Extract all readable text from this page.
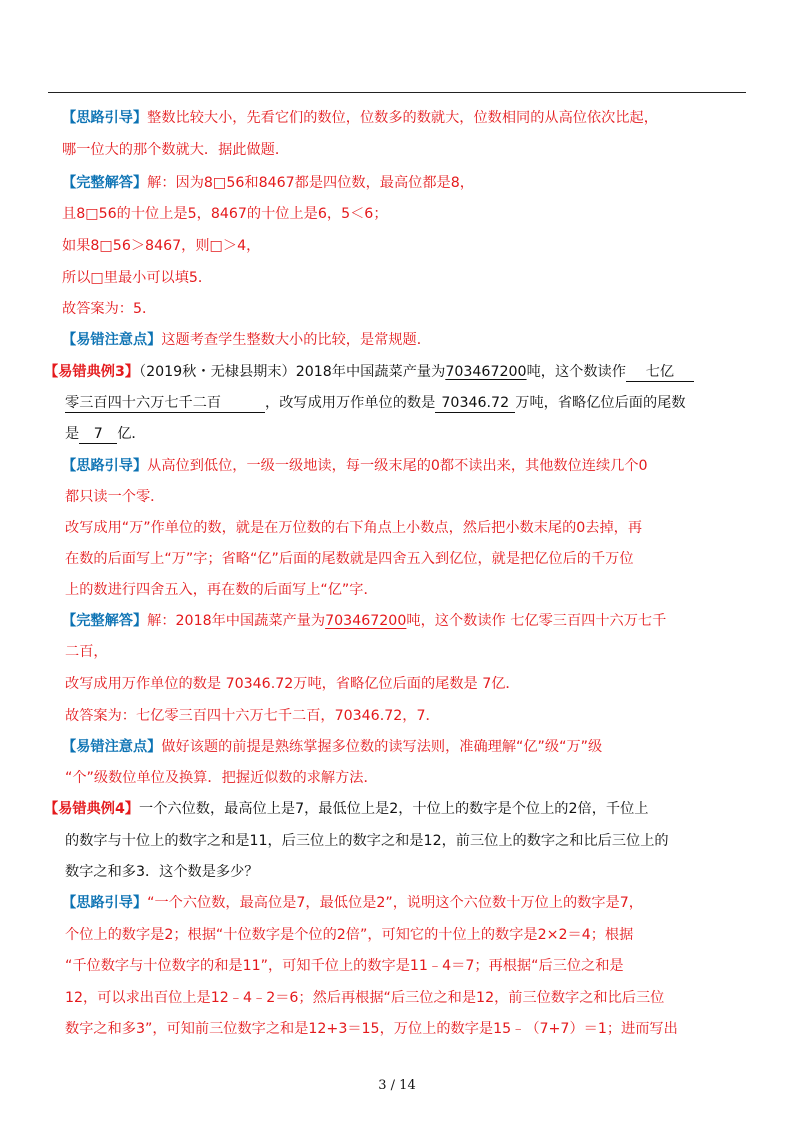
【思路引导】整数比较大小，先看它们的数位，位数多的数就大，位数相同的从高位依次比起，
哪一位大的那个数就大．据此做题．
【完整解答】解：因为8□56和8467都是四位数，最高位都是8，
且8□56的十位上是5，8467的十位上是6，5＜6；
如果8□56＞8467，则□＞4，
所以□里最小可以填5．
故答案为：5．
【易错注意点】这题考查学生整数大小的比较，是常规题．
【易错典例3】（2019秋・无棣县期末）2018年中国蔬菜产量为703467200吨，这个数读作 七亿
零三百四十六万七千二百	，改写成用万作单位的数是 70346.72 万吨，省略亿位后面的尾数
是 7 亿．
【思路引导】从高位到低位，一级一级地读，每一级末尾的0都不读出来，其他数位连续几个0
都只读一个零．
改写成用“万”作单位的数，就是在万位数的右下角点上小数点，然后把小数末尾的0去掉，再
在数的后面写上“万”字；省略“亿”后面的尾数就是四舍五入到亿位，就是把亿位后的千万位
上的数进行四舍五入，再在数的后面写上“亿”字．
【完整解答】解：2018年中国蔬菜产量为703467200吨，这个数读作 七亿零三百四十六万七千
二百，
改写成用万作单位的数是 70346.72万吨，省略亿位后面的尾数是 7亿．
故答案为：七亿零三百四十六万七千二百，70346.72，7．
【易错注意点】做好该题的前提是熟练掌握多位数的读写法则，准确理解“亿”级“万”级
“个”级数位单位及换算．把握近似数的求解方法．
【易错典例4】一个六位数，最高位上是7，最低位上是2，十位上的数字是个位上的2倍，千位上
的数字与十位上的数字之和是11，后三位上的数字之和是12，前三位上的数字之和比后三位上的
数字之和多3．这个数是多少？
【思路引导】“一个六位数，最高位是7，最低位是2”，说明这个六位数十万位上的数字是7，
个位上的数字是2；根据“十位数字是个位的2倍”，可知它的十位上的数字是2×2＝4；根据
“千位数字与十位数字的和是11”，可知千位上的数字是11﹣4＝7；再根据“后三位之和是
12，可以求出百位上是12﹣4﹣2＝6；然后再根据“后三位之和是12，前三位数字之和比后三位
数字之和多3”，可知前三位数字之和是12+3＝15，万位上的数字是15﹣（7+7）＝1；进而写出
3 / 14
